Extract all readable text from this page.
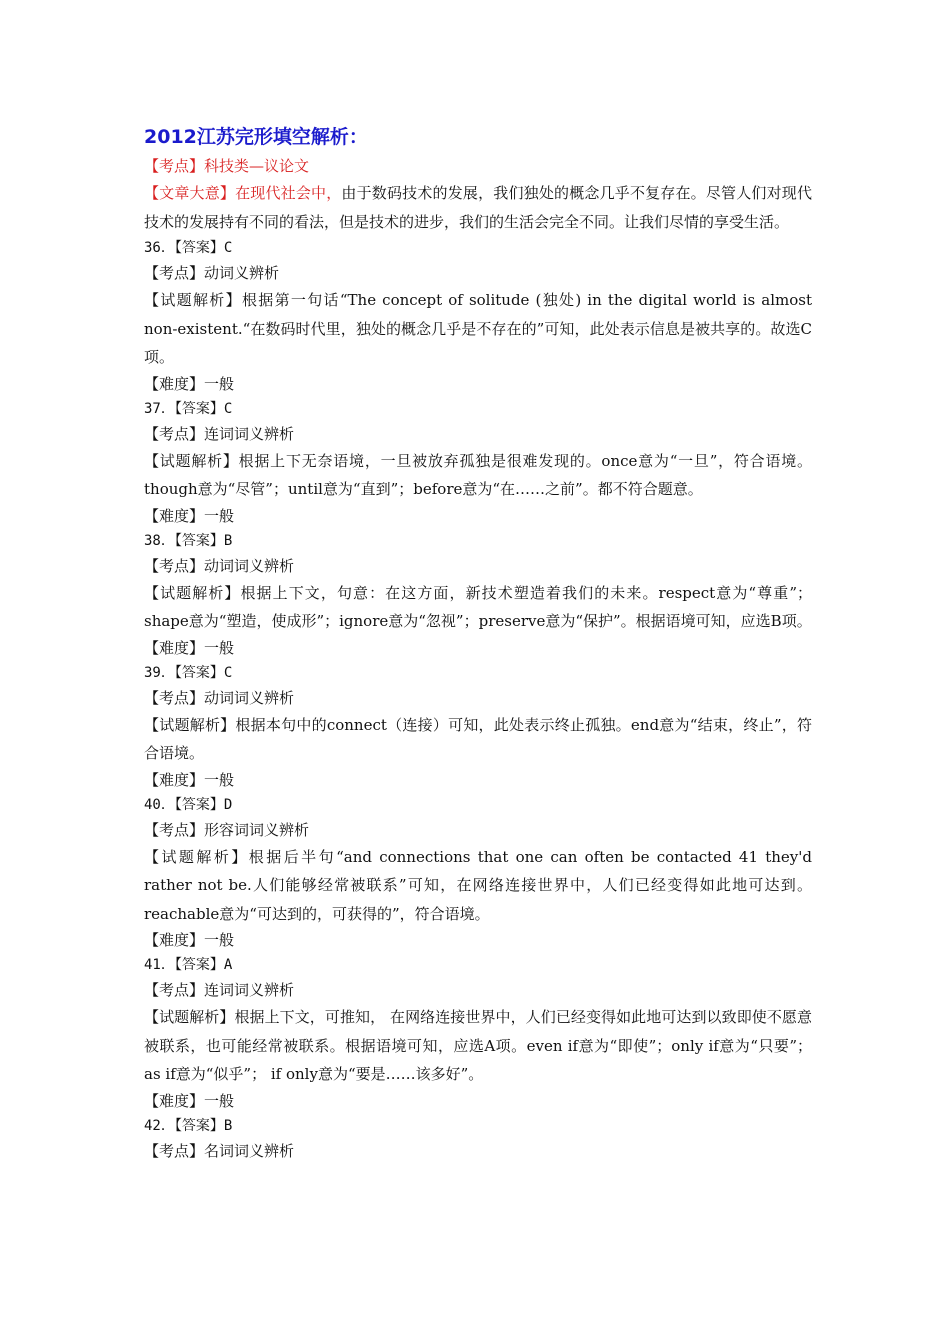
2012江苏完形填空解析：

【考点】科技类—议论文

【文章大意】在现代社会中，由于数码技术的发展，我们独处的概念几乎不复存在。尽管人们对现代技术的发展持有不同的看法，但是技术的进步，我们的生活会完全不同。让我们尽情的享受生活。

36．【答案】C

【考点】动词义辨析

【试题解析】根据第一句话“The concept of solitude (独处) in the digital world is almost non-existent.“在数码时代里，独处的概念几乎是不存在的”可知，此处表示信息是被共享的。故选C项。

【难度】一般

37．【答案】C

【考点】连词词义辨析

【试题解析】根据上下无奈语境，一旦被放弃孤独是很难发现的。once意为“一旦”，符合语境。though意为“尽管”；until意为“直到”；before意为“在……之前”。都不符合题意。

【难度】一般

38．【答案】B

【考点】动词词义辨析

【试题解析】根据上下文，句意：在这方面，新技术塑造着我们的未来。respect意为“尊重”；shape意为“塑造，使成形”；ignore意为“忽视”；preserve意为“保护”。根据语境可知，应选B项。

【难度】一般

39．【答案】C

【考点】动词词义辨析

【试题解析】根据本句中的connect（连接）可知，此处表示终止孤独。end意为“结束，终止”，符合语境。

【难度】一般

40．【答案】D

【考点】形容词词义辨析

【试题解析】根据后半句“and connections that one can often be contacted 41 they'd rather not be.人们能够经常被联系”可知，在网络连接世界中，人们已经变得如此地可达到。reachable意为“可达到的，可获得的”，符合语境。

【难度】一般

41．【答案】A

【考点】连词词义辨析

【试题解析】根据上下文，可推知， 在网络连接世界中，人们已经变得如此地可达到以致即使不愿意被联系，也可能经常被联系。根据语境可知，应选A项。even if意为“即使”；only if意为“只要”； as if意为“似乎”； if only意为“要是……该多好”。

【难度】一般

42．【答案】B

【考点】名词词义辨析
